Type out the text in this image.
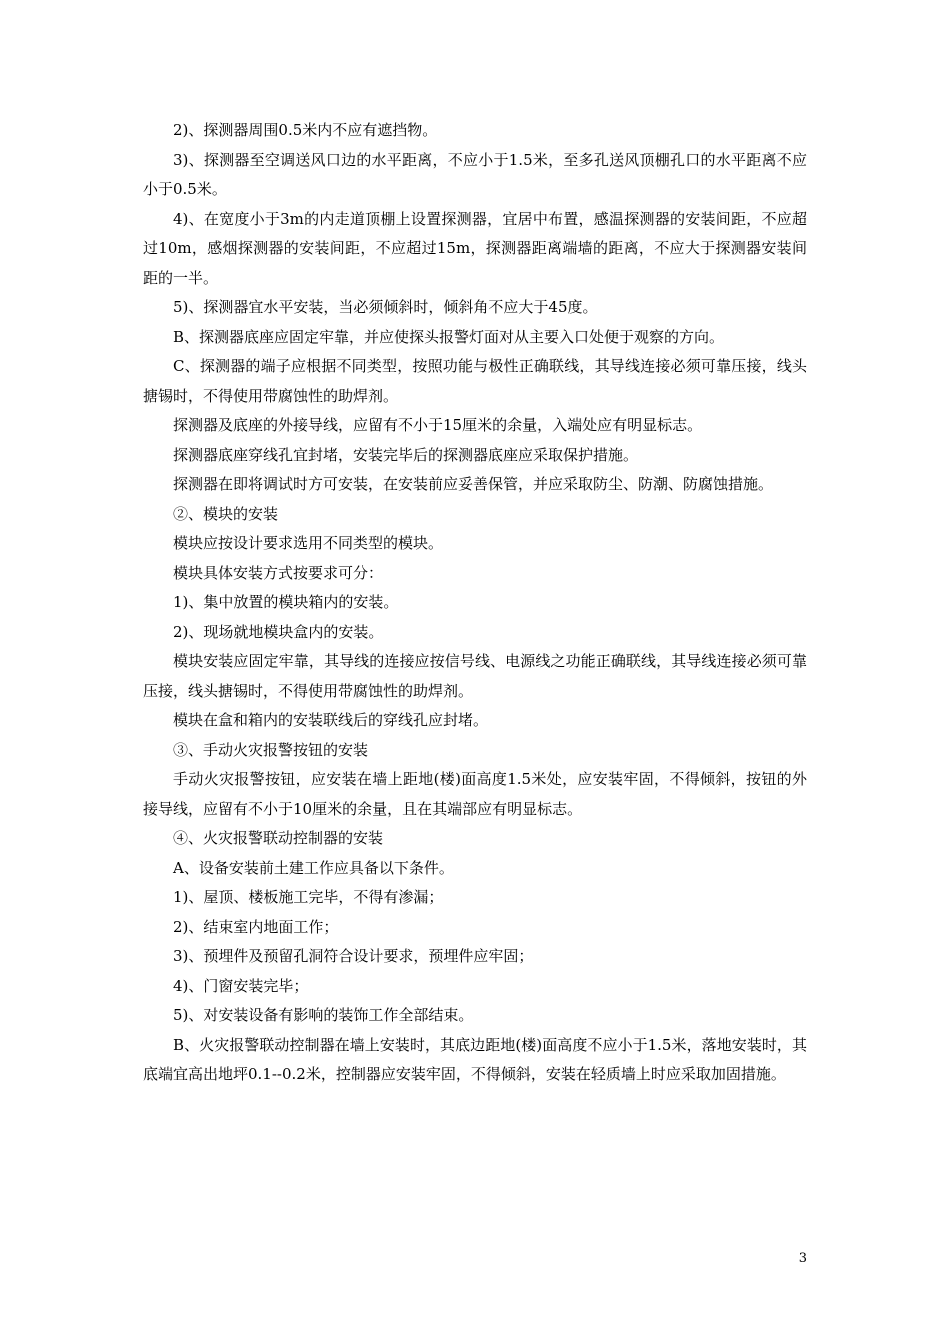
2)、探测器周围0.5米内不应有遮挡物。

3)、探测器至空调送风口边的水平距离，不应小于1.5米，至多孔送风顶棚孔口的水平距离不应小于0.5米。

4)、在宽度小于3m的内走道顶棚上设置探测器，宜居中布置，感温探测器的安装间距，不应超过10m，感烟探测器的安装间距，不应超过15m，探测器距离端墙的距离，不应大于探测器安装间距的一半。

5)、探测器宜水平安装，当必须倾斜时，倾斜角不应大于45度。

B、探测器底座应固定牢靠，并应使探头报警灯面对从主要入口处便于观察的方向。

C、探测器的端子应根据不同类型，按照功能与极性正确联线，其导线连接必须可靠压接，线头搪锡时，不得使用带腐蚀性的助焊剂。

探测器及底座的外接导线，应留有不小于15厘米的余量，入端处应有明显标志。

探测器底座穿线孔宜封堵，安装完毕后的探测器底座应采取保护措施。

探测器在即将调试时方可安装，在安装前应妥善保管，并应采取防尘、防潮、防腐蚀措施。

②、模块的安装

模块应按设计要求选用不同类型的模块。

模块具体安装方式按要求可分：

1)、集中放置的模块箱内的安装。

2)、现场就地模块盒内的安装。

模块安装应固定牢靠，其导线的连接应按信号线、电源线之功能正确联线，其导线连接必须可靠压接，线头搪锡时，不得使用带腐蚀性的助焊剂。

模块在盒和箱内的安装联线后的穿线孔应封堵。

③、手动火灾报警按钮的安装

手动火灾报警按钮，应安装在墙上距地(楼)面高度1.5米处，应安装牢固，不得倾斜，按钮的外接导线，应留有不小于10厘米的余量，且在其端部应有明显标志。

④、火灾报警联动控制器的安装

A、设备安装前土建工作应具备以下条件。

1)、屋顶、楼板施工完毕，不得有渗漏；

2)、结束室内地面工作；

3)、预埋件及预留孔洞符合设计要求，预埋件应牢固；

4)、门窗安装完毕；

5)、对安装设备有影响的装饰工作全部结束。

B、火灾报警联动控制器在墙上安装时，其底边距地(楼)面高度不应小于1.5米，落地安装时，其底端宜高出地坪0.1--0.2米，控制器应安装牢固，不得倾斜，安装在轻质墙上时应采取加固措施。

3
